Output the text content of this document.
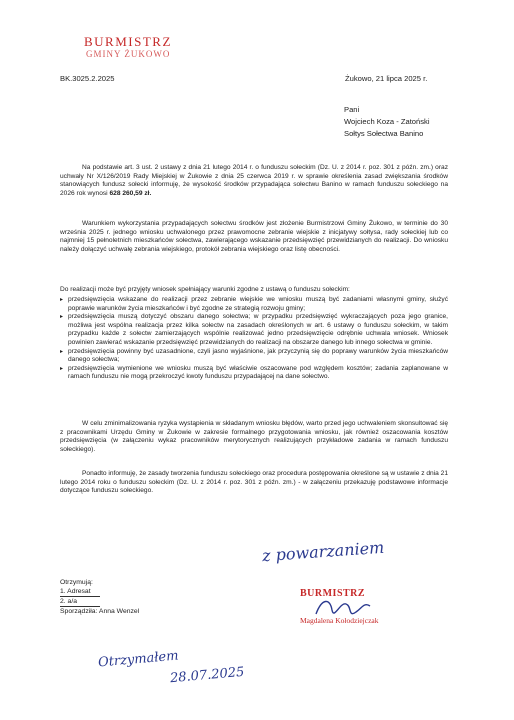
BURMISTRZ
GMINY ŻUKOWO
BK.3025.2.2025	Żukowo, 21 lipca 2025 r.
Pani
Wojciech Koza - Zatoński
Sołtys Sołectwa Banino
Na podstawie art. 3 ust. 2 ustawy z dnia 21 lutego 2014 r. o funduszu sołeckim (Dz. U. z 2014 r. poz. 301 z późn. zm.) oraz uchwały Nr X/126/2019 Rady Miejskiej w Żukowie z dnia 25 czerwca 2019 r. w sprawie określenia zasad zwiększania środków stanowiących fundusz sołecki informuję, że wysokość środków przypadająca sołectwu Banino w ramach funduszu sołeckiego na 2026 rok wynosi 628 260,59 zł.
Warunkiem wykorzystania przypadających sołectwu środków jest złożenie Burmistrzowi Gminy Żukowo, w terminie do 30 września 2025 r. jednego wniosku uchwalonego przez prawomocne zebranie wiejskie z inicjatywy sołtysa, rady sołeckiej lub co najmniej 15 pełnoletnich mieszkańców sołectwa, zawierającego wskazanie przedsięwzięć przewidzianych do realizacji. Do wniosku należy dołączyć uchwałę zebrania wiejskiego, protokół zebrania wiejskiego oraz listę obecności.
Do realizacji może być przyjęty wniosek spełniający warunki zgodne z ustawą o funduszu sołeckim:
▸ przedsięwzięcia wskazane do realizacji przez zebranie wiejskie we wniosku muszą być zadaniami własnymi gminy, służyć poprawie warunków życia mieszkańców i być zgodne ze strategią rozwoju gminy;
▸ przedsięwzięcia muszą dotyczyć obszaru danego sołectwa; w przypadku przedsięwzięć wykraczających poza jego granice, możliwa jest wspólna realizacja przez kilka sołectw na zasadach określonych w art. 6 ustawy o funduszu sołeckim, w takim przypadku każde z sołectw zamierzających wspólnie realizować jedno przedsięwzięcie odrębnie uchwala wniosek. Wniosek powinien zawierać wskazanie przedsięwzięć przewidzianych do realizacji na obszarze danego lub innego sołectwa w gminie.
▸ przedsięwzięcia powinny być uzasadnione, czyli jasno wyjaśnione, jak przyczynią się do poprawy warunków życia mieszkańców danego sołectwa;
▸ przedsięwzięcia wymienione we wniosku muszą być właściwie oszacowane pod względem kosztów; zadania zaplanowane w ramach funduszu nie mogą przekroczyć kwoty funduszu przypadającej na dane sołectwo.
W celu zminimalizowania ryzyka wystąpienia w składanym wniosku błędów, warto przed jego uchwaleniem skonsultować się z pracownikami Urzędu Gminy w Żukowie w zakresie formalnego przygotowania wniosku, jak również oszacowania kosztów przedsięwzięcia (w załączeniu wykaz pracowników merytorycznych realizujących przykładowe zadania w ramach funduszu sołeckiego).
Ponadto informuję, że zasady tworzenia funduszu sołeckiego oraz procedura postępowania określone są w ustawie z dnia 21 lutego 2014 roku o funduszu sołeckim (Dz. U. z 2014 r. poz. 301 z późn. zm.) - w załączeniu przekazuję podstawowe informacje dotyczące funduszu sołeckiego.
z powarzaniem
BURMISTRZ
Magdalena Kołodziejczak
Otrzymują:
1. Adresat
2. a/a
Sporządziła: Anna Wenzel
Otrzymałem
28.07.2025
